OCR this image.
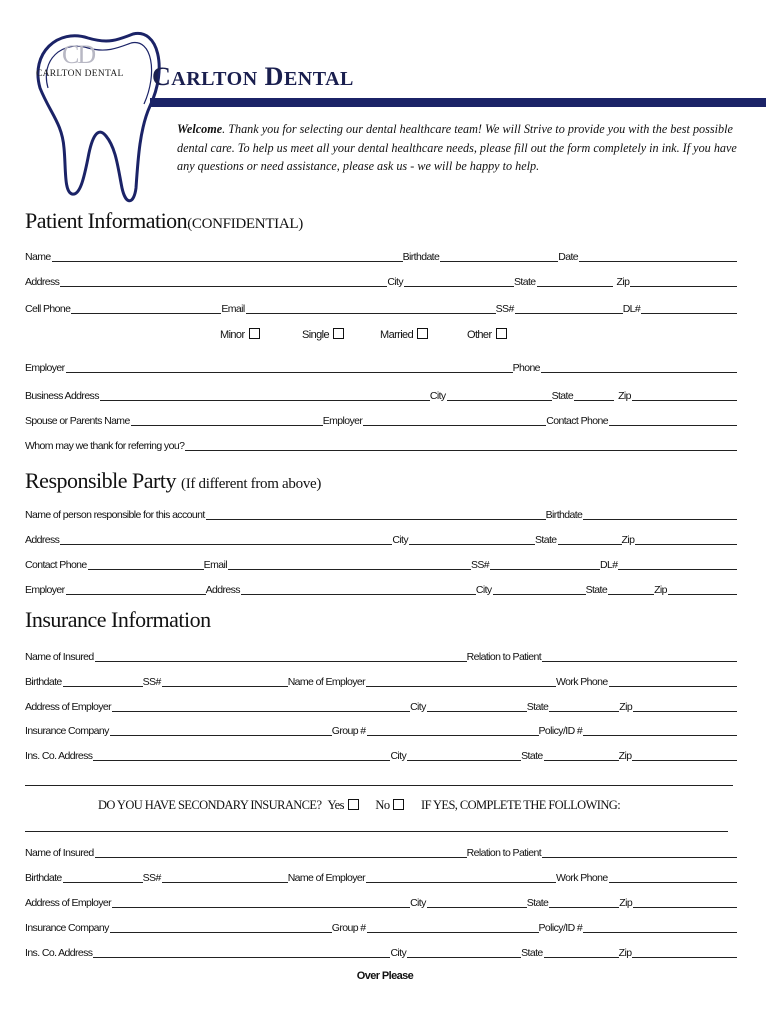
CD
CARLTON DENTAL CARLTON DENTAL
Welcome. Thank you for selecting our dental healthcare team! We will Strive to provide you with the best possible dental care. To help us meet all your dental healthcare needs, please fill out the form completely in ink. If you have any questions or need assistance, please ask us - we will be happy to help.
Patient Information(CONFIDENTIAL)
Name	Birthdate	Date
Address	City	State	Zip
Cell Phone	Email	SS#	DL#
Minor	Single	Married	Other
Employer	Phone
Business Address	City	State	Zip
Spouse or Parents Name	Employer	Contact Phone
Whom may we thank for referring you?
Responsible Party (If different from above)
Name of person responsible for this account	Birthdate
Address	City	State	Zip
Contact Phone	Email	SS#	DL#
Employer	Address	City	State	Zip
Insurance Information
Name of Insured	Relation to Patient
Birthdate	SS#	Name of Employer	Work Phone
Address of Employer	City	State	Zip
Insurance Company	Group #	Policy/ID #
Ins. Co. Address	City	State	Zip
DO YOU HAVE SECONDARY INSURANCE? Yes	No	IF YES, COMPLETE THE FOLLOWING:
Name of Insured	Relation to Patient
Birthdate	SS#	Name of Employer	Work Phone
Address of Employer	City	State	Zip
Insurance Company	Group #	Policy/ID #
Ins. Co. Address	City	State	Zip
Over Please
